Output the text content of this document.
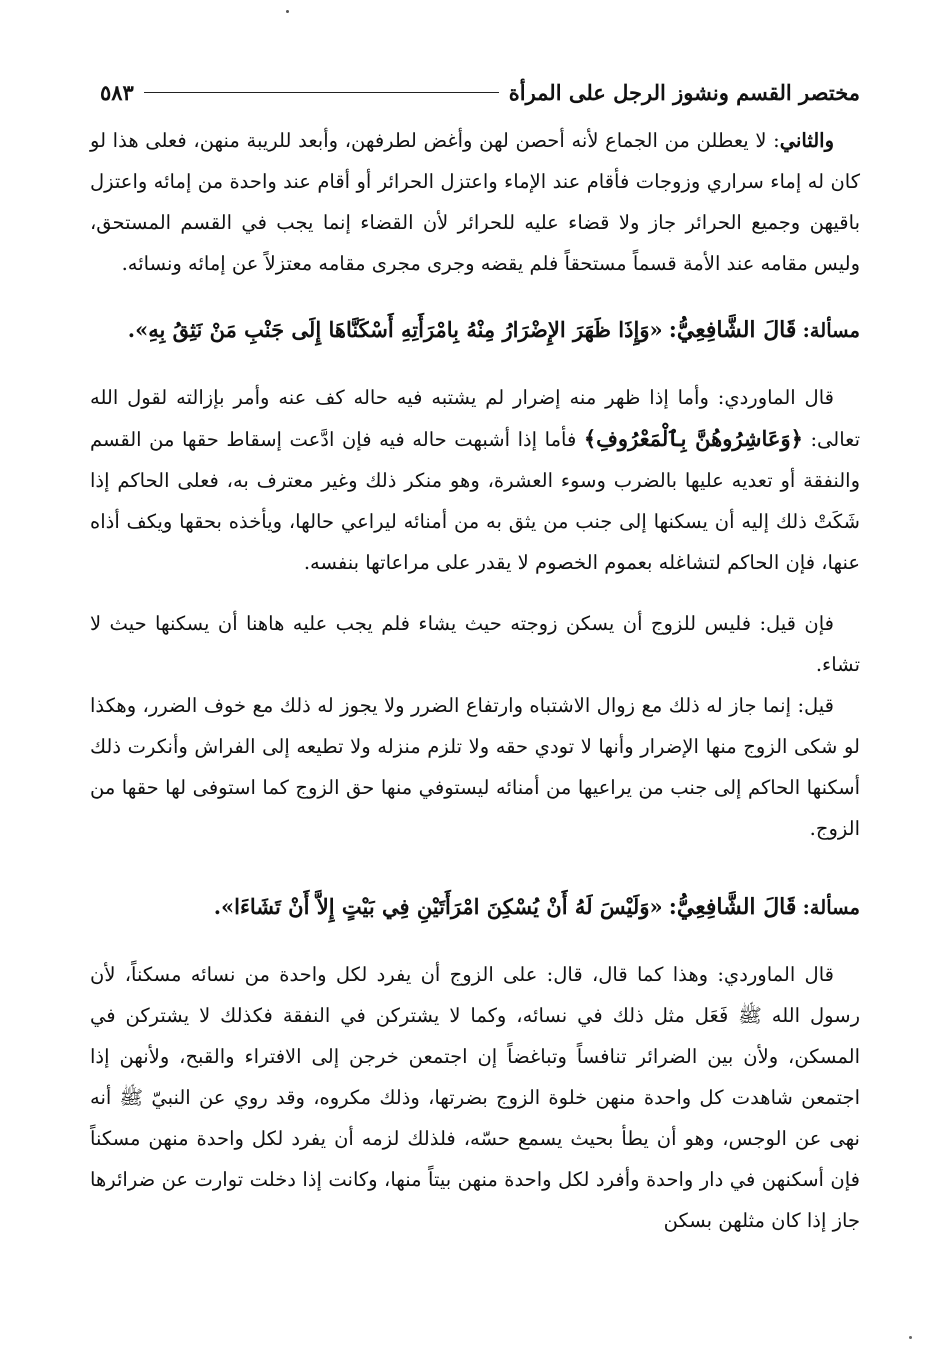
مختصر القسم ونشوز الرجل على المرأة
٥٨٣

والثاني: لا يعطلن من الجماع لأنه أحصن لهن وأغض لطرفهن، وأبعد للريبة منهن، فعلى هذا لو كان له إماء سراري وزوجات فأقام عند الإماء واعتزل الحرائر أو أقام عند واحدة من إمائه واعتزل باقيهن وجميع الحرائر جاز ولا قضاء عليه للحرائر لأن القضاء إنما يجب في القسم المستحق، وليس مقامه عند الأمة قسماً مستحقاً فلم يقضه وجرى مجرى مقامه معتزلاً عن إمائه ونسائه.

مسألة: قَالَ الشَّافِعِيُّ: «وَإِذَا ظَهَرَ الإِضْرَارُ مِنْهُ بِامْرَأَتِهِ أَسْكَنَّاهَا إِلَى جَنْبِ مَنْ نَثِقُ بِهِ».

قال الماوردي: وأما إذا ظهر منه إضرار لم يشتبه فيه حاله كف عنه وأمر بإزالته لقول الله تعالى: ﴿وَعَاشِرُوهُنَّ بِٱلْمَعْرُوفِ﴾ فأما إذا أشبهت حاله فيه فإن ادَّعت إسقاط حقها من القسم والنفقة أو تعديه عليها بالضرب وسوء العشرة، وهو منكر ذلك وغير معترف به، فعلى الحاكم إذا شَكَتْ ذلك إليه أن يسكنها إلى جنب من يثق به من أمنائه ليراعي حالها، ويأخذه بحقها ويكف أذاه عنها، فإن الحاكم لتشاغله بعموم الخصوم لا يقدر على مراعاتها بنفسه.

فإن قيل: فليس للزوج أن يسكن زوجته حيث يشاء فلم يجب عليه هاهنا أن يسكنها حيث لا تشاء.

قيل: إنما جاز له ذلك مع زوال الاشتباه وارتفاع الضرر ولا يجوز له ذلك مع خوف الضرر، وهكذا لو شكى الزوج منها الإضرار وأنها لا تودي حقه ولا تلزم منزله ولا تطيعه إلى الفراش وأنكرت ذلك أسكنها الحاكم إلى جنب من يراعيها من أمنائه ليستوفي منها حق الزوج كما استوفى لها حقها من الزوج.

مسألة: قَالَ الشَّافِعِيُّ: «وَلَيْسَ لَهُ أَنْ يُسْكِنَ امْرَأَتَيْنِ فِي بَيْتٍ إِلاَّ أَنْ تَشَاءَا».

قال الماوردي: وهذا كما قال، قال: على الزوج أن يفرد لكل واحدة من نسائه مسكناً، لأن رسول الله ﷺ فَعَل مثل ذلك في نسائه، وكما لا يشتركن في النفقة فكذلك لا يشتركن في المسكن، ولأن بين الضرائر تنافساً وتباغضاً إن اجتمعن خرجن إلى الافتراء والقبح، ولأنهن إذا اجتمعن شاهدت كل واحدة منهن خلوة الزوج بضرتها، وذلك مكروه، وقد روي عن النبيّ ﷺ أنه نهى عن الوجس، وهو أن يطأ بحيث يسمع حسّه، فلذلك لزمه أن يفرد لكل واحدة منهن مسكناً فإن أسكنهن في دار واحدة وأفرد لكل واحدة منهن بيتاً منها، وكانت إذا دخلت توارت عن ضرائرها جاز إذا كان مثلهن بسكن
